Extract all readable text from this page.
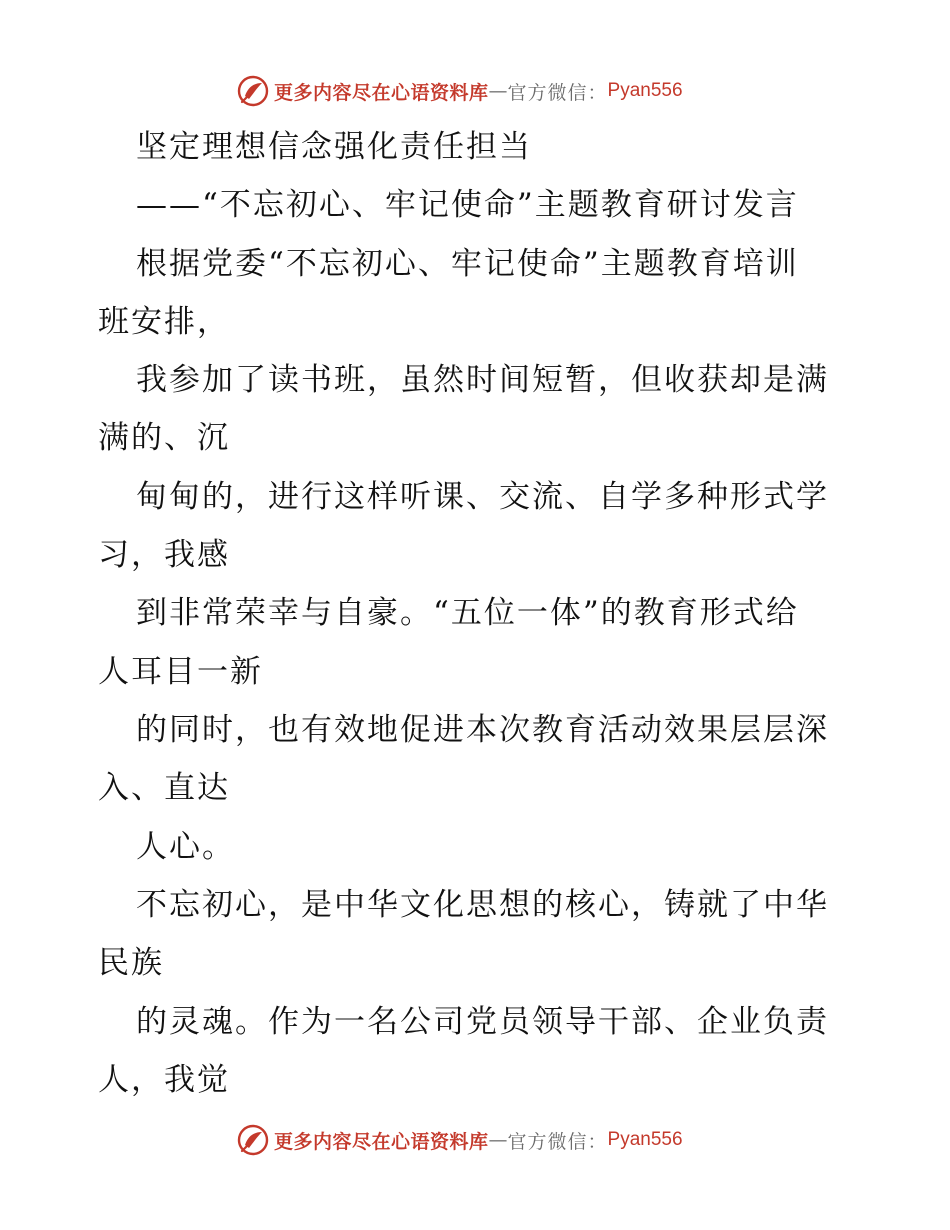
更多内容尽在心语资料库 — 官方微信： Pyan556

坚定理想信念强化责任担当

——“不忘初心、牢记使命”主题教育研讨发言

根据党委“不忘初心、牢记使命”主题教育培训

班安排，

我参加了读书班，虽然时间短暂，但收获却是满

满的、沉

甸甸的，进行这样听课、交流、自学多种形式学

习，我感

到非常荣幸与自豪。“五位一体”的教育形式给

人耳目一新

的同时，也有效地促进本次教育活动效果层层深

入、直达

人心。

不忘初心，是中华文化思想的核心，铸就了中华

民族

的灵魂。作为一名公司党员领导干部、企业负责

人，我觉

更多内容尽在心语资料库 — 官方微信： Pyan556
